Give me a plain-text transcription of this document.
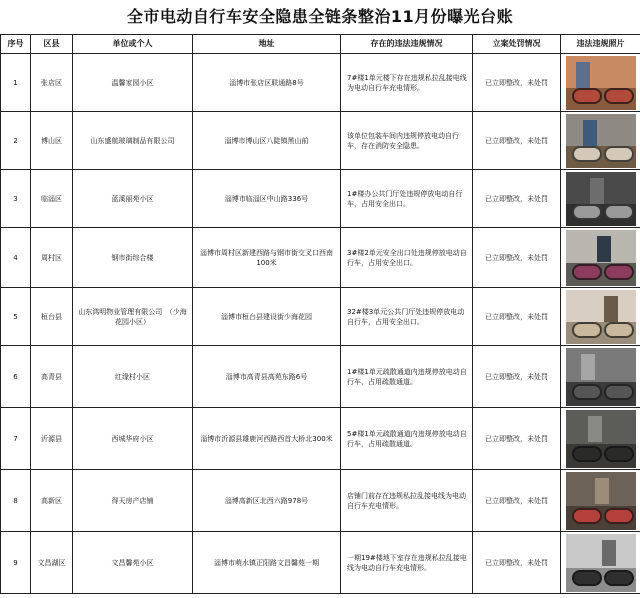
全市电动自行车安全隐患全链条整治11月份曝光台账
序号	区县	单位或个人	地址	存在的违法违规情况	立案处罚情况	违法违规照片
1	张店区	温馨家园小区	淄博市张店区联通路8号	7#楼1单元楼下存在违规私拉乱接电线为电动自行车充电情形。	已立即整改，未处罚	

2	博山区	山东盛航玻璃制品有限公司	淄博市博山区八陡镇黑山前	该单位包装车间内违规停放电动自行车，存在消防安全隐患。	已立即整改，未处罚	

3	临淄区	蓝溪丽苑小区	淄博市临淄区中山路336号	1#楼办公共门厅处违规停放电动自行车，占用安全出口。	已立即整改，未处罚	

4	周村区	钢市街综合楼	淄博市周村区新建西路与钢市街交叉口西南100米	3#楼2单元安全出口处违规停放电动自行车，占用安全出口。	已立即整改，未处罚	

5	桓台县	山东鸿明物业管理有限公司　（少海花园小区）	淄博市桓台县建设街少海花园	32#楼3单元公共门厅处违规停放电动自行车，占用安全出口。	已立即整改，未处罚	

6	高青县	红缘村小区	淄博市高青县高苑东路6号	1#楼1单元疏散通道内违规停放电动自行车，占用疏散通道。	已立即整改，未处罚	

7	沂源县	西城华府小区	淄博市沂源县雄鹿河西路西首大桥北300米	5#楼1单元疏散通道内违规停放电动自行车，占用疏散通道。	已立即整改，未处罚	

8	高新区	得天房产店铺	淄博高新区北西六路978号	店铺门前存在违规私拉乱接电线为电动自行车充电情形。	已立即整改，未处罚	

9	文昌湖区	文昌馨苑小区	淄博市萌水镇正阳路文昌馨苑一期	一期19#楼地下室存在违规私拉乱接电线为电动自行车充电情形。	已立即整改，未处罚	
